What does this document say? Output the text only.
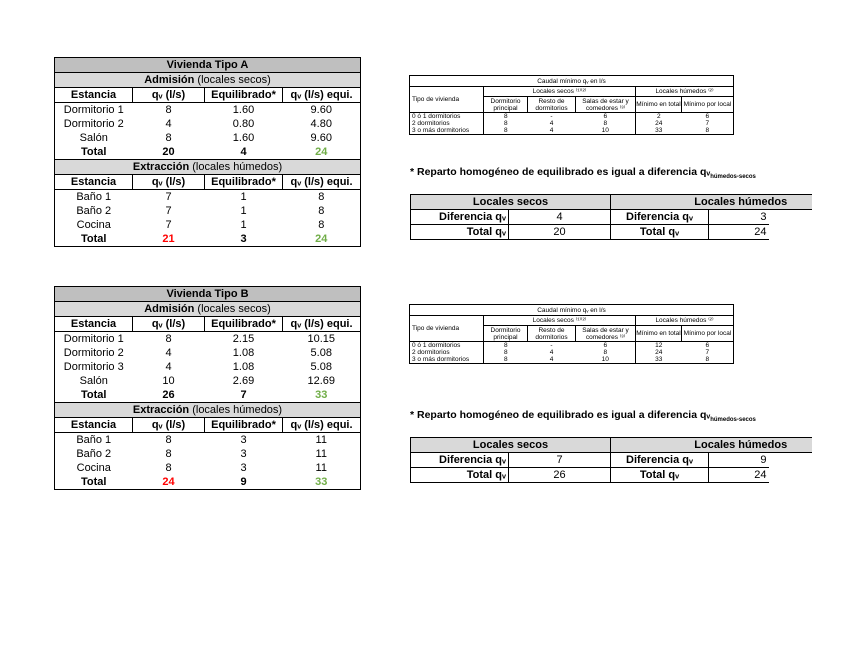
Vivienda Tipo A			
Admisión (locales secos)			
Estancia	qᵥ (l/s)	Equilibrado*	qᵥ (l/s) equi.
Dormitorio 1	8	1.60	9.60
Dormitorio 2	4	0.80	4.80
Salón	8	1.60	9.60
Total	20	4	24
Extracción (locales húmedos)			
Estancia	qᵥ (l/s)	Equilibrado*	qᵥ (l/s) equi.
Baño 1	7	1	8
Baño 2	7	1	8
Cocina	7	1	8
Total	21	3	24
Vivienda Tipo B			
Admisión (locales secos)			
Estancia	qᵥ (l/s)	Equilibrado*	qᵥ (l/s) equi.
Dormitorio 1	8	2.15	10.15
Dormitorio 2	4	1.08	5.08
Dormitorio 3	4	1.08	5.08
Salón	10	2.69	12.69
Total	26	7	33
Extracción (locales húmedos)			
Estancia	qᵥ (l/s)	Equilibrado*	qᵥ (l/s) equi.
Baño 1	8	3	11
Baño 2	8	3	11
Cocina	8	3	11
Total	24	9	33
Caudal mínimo qᵥ en l/s					
Tipo de vivienda	Locales secos ⁽¹⁾⁽²⁾			Locales húmedos ⁽²⁾	
	Dormitorio principal	Resto de dormitorios	Salas de estar y comedores ⁽³⁾	Mínimo en total	Mínimo por local
0 ó 1 dormitorios	8	-	6	2	6
2 dormitorios	8	4	8	24	7
3 o más dormitorios	8	4	10	33	8
Caudal mínimo qᵥ en l/s					
Tipo de vivienda	Locales secos ⁽¹⁾⁽²⁾			Locales húmedos ⁽²⁾	
	Dormitorio principal	Resto de dormitorios	Salas de estar y comedores ⁽³⁾	Mínimo en total	Mínimo por local
0 ó 1 dormitorios	8	-	6	12	6
2 dormitorios	8	4	8	24	7
3 o más dormitorios	8	4	10	33	8
* Reparto homogéneo de equilibrado es igual a diferencia qᵥ$_{húmedos-secos}$
* Reparto homogéneo de equilibrado es igual a diferencia qᵥ$_{húmedos-secos}$
Locales secos		Locales húmedos		
Diferencia qᵥ	4	Diferencia qᵥ	3	
Total qᵥ	20	Total qᵥ	24	
Locales secos		Locales húmedos		
Diferencia qᵥ	7	Diferencia qᵥ	9	
Total qᵥ	26	Total qᵥ	24	
